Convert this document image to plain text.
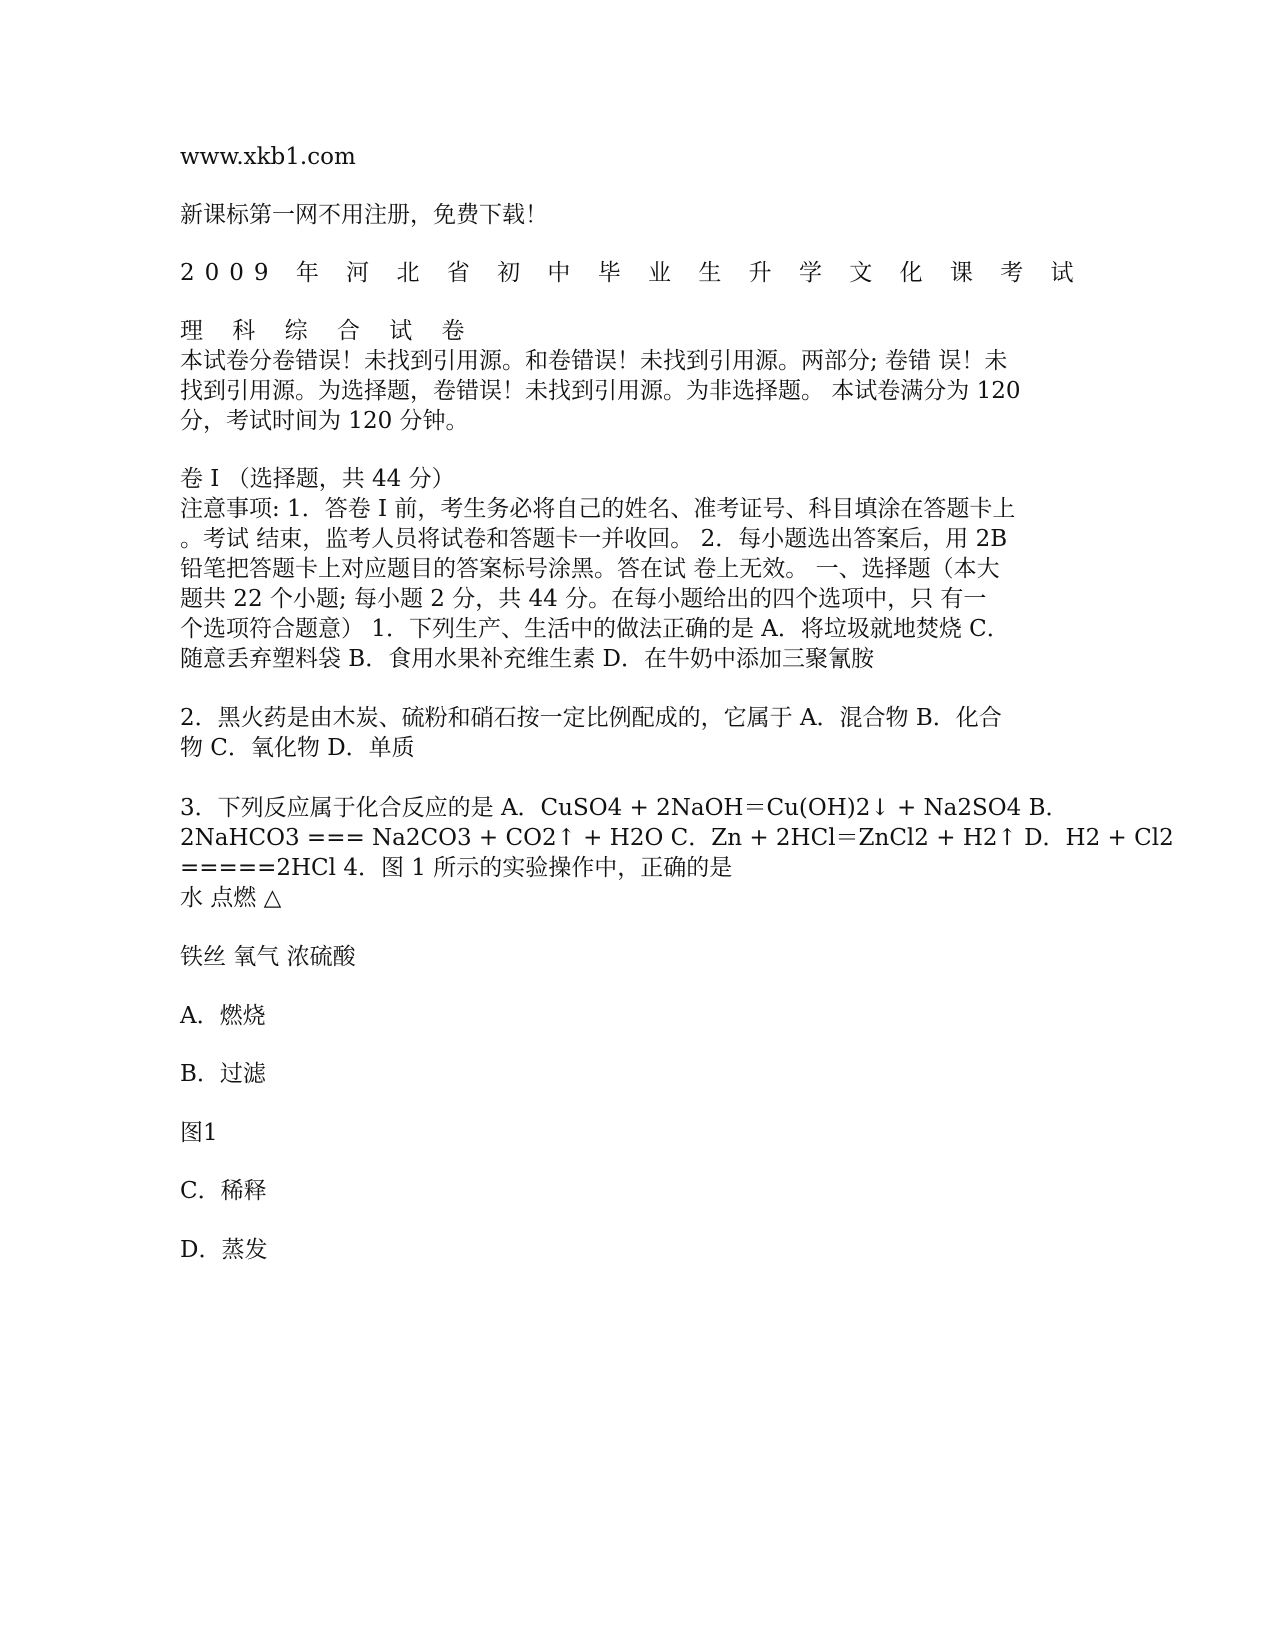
www.xkb1.com
新课标第一网不用注册，免费下载！
2009 年 河 北 省 初 中 毕 业 生 升 学 文 化 课 考 试
理 科 综 合 试 卷
本试卷分卷错误！未找到引用源。和卷错误！未找到引用源。两部分; 卷错 误！未
找到引用源。为选择题，卷错误！未找到引用源。为非选择题。 本试卷满分为 120
分，考试时间为 120 分钟。
卷 I （选择题，共 44 分）
注意事项: 1．答卷 I 前，考生务必将自己的姓名、准考证号、科目填涂在答题卡上
。考试 结束，监考人员将试卷和答题卡一并收回。 2．每小题选出答案后，用 2B
铅笔把答题卡上对应题目的答案标号涂黑。答在试 卷上无效。 一、选择题（本大
题共 22 个小题; 每小题 2 分，共 44 分。在每小题给出的四个选项中，只 有一
个选项符合题意） 1．下列生产、生活中的做法正确的是 A．将垃圾就地焚烧 C．
随意丢弃塑料袋 B．食用水果补充维生素 D．在牛奶中添加三聚氰胺
2．黑火药是由木炭、硫粉和硝石按一定比例配成的，它属于 A．混合物 B．化合
物 C．氧化物 D．单质
3．下列反应属于化合反应的是 A．CuSO4 + 2NaOH＝Cu(OH)2↓ + Na2SO4 B．
2NaHCO3 === Na2CO3 + CO2↑ + H2O C．Zn + 2HCl＝ZnCl2 + H2↑ D．H2 + Cl2
=====2HCl 4．图 1 所示的实验操作中，正确的是
水 点燃 △
铁丝 氧气 浓硫酸
A．燃烧
B．过滤
图1
C．稀释
D．蒸发
